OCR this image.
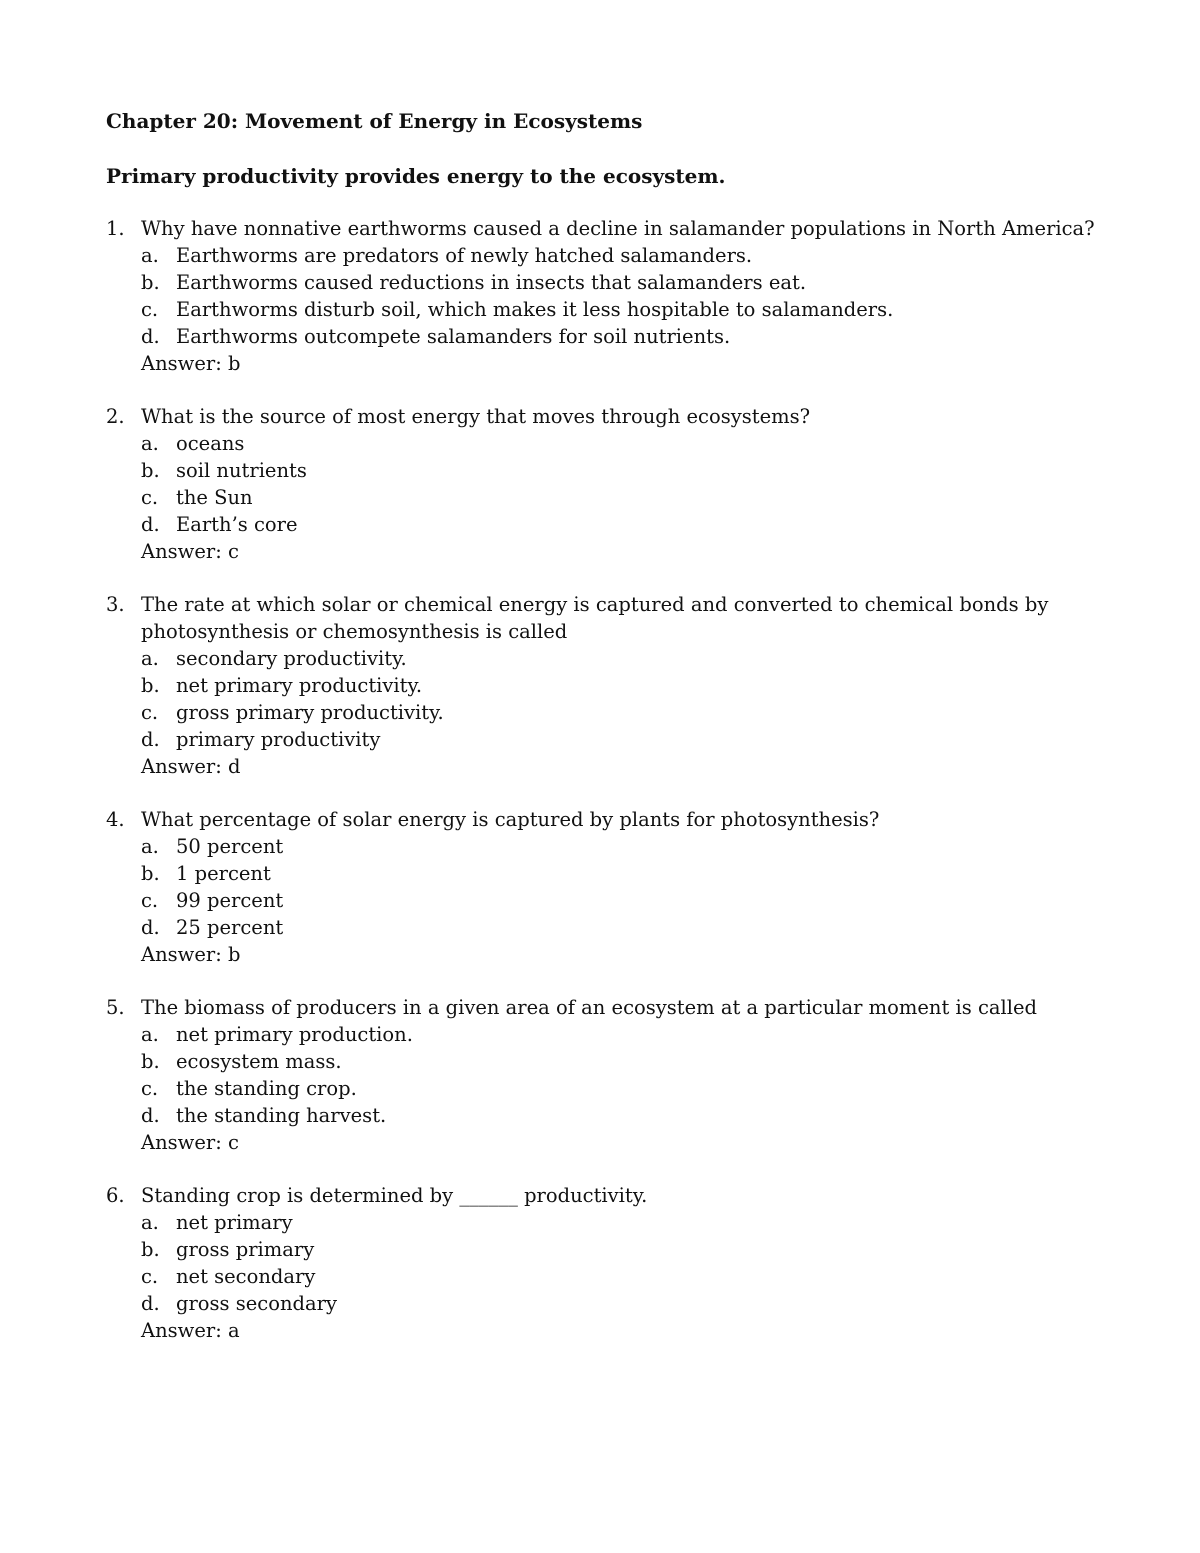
Chapter 20: Movement of Energy in Ecosystems
Primary productivity provides energy to the ecosystem.
1. Why have nonnative earthworms caused a decline in salamander populations in North America?
a. Earthworms are predators of newly hatched salamanders.
b. Earthworms caused reductions in insects that salamanders eat.
c. Earthworms disturb soil, which makes it less hospitable to salamanders.
d. Earthworms outcompete salamanders for soil nutrients.
Answer: b
2. What is the source of most energy that moves through ecosystems?
a. oceans
b. soil nutrients
c. the Sun
d. Earth’s core
Answer: c
3. The rate at which solar or chemical energy is captured and converted to chemical bonds by photosynthesis or chemosynthesis is called
a. secondary productivity.
b. net primary productivity.
c. gross primary productivity.
d. primary productivity
Answer: d
4. What percentage of solar energy is captured by plants for photosynthesis?
a. 50 percent
b. 1 percent
c. 99 percent
d. 25 percent
Answer: b
5. The biomass of producers in a given area of an ecosystem at a particular moment is called
a. net primary production.
b. ecosystem mass.
c. the standing crop.
d. the standing harvest.
Answer: c
6. Standing crop is determined by ______ productivity.
a. net primary
b. gross primary
c. net secondary
d. gross secondary
Answer: a
